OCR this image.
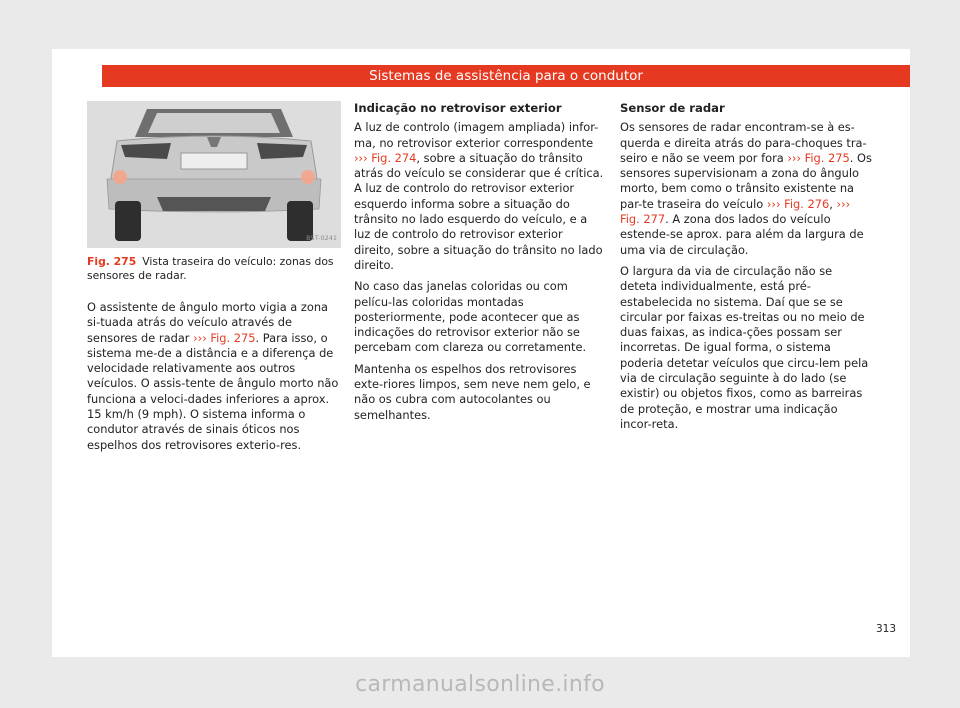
Sistemas de assistência para o condutor
B5T-0241
Fig. 275 Vista traseira do veículo: zonas dos sensores de radar.

O assistente de ângulo morto vigia a zona si-tuada atrás do veículo através de sensores de radar ››› Fig. 275. Para isso, o sistema me-de a distância e a diferença de velocidade relativamente aos outros veículos. O assis-tente de ângulo morto não funciona a veloci-dades inferiores a aprox. 15 km/h (9 mph). O sistema informa o condutor através de sinais óticos nos espelhos dos retrovisores exterio-res.

Indicação no retrovisor exterior

A luz de controlo (imagem ampliada) infor-ma, no retrovisor exterior correspondente ››› Fig. 274, sobre a situação do trânsito atrás do veículo se considerar que é crítica. A luz de controlo do retrovisor exterior esquerdo informa sobre a situação do trânsito no lado esquerdo do veículo, e a luz de controlo do retrovisor exterior direito, sobre a situação do trânsito no lado direito.

No caso das janelas coloridas ou com pelícu-las coloridas montadas posteriormente, pode acontecer que as indicações do retrovisor exterior não se percebam com clareza ou corretamente.

Mantenha os espelhos dos retrovisores exte-riores limpos, sem neve nem gelo, e não os cubra com autocolantes ou semelhantes.

Sensor de radar

Os sensores de radar encontram-se à es-querda e direita atrás do para-choques tra-seiro e não se veem por fora ››› Fig. 275. Os sensores supervisionam a zona do ângulo morto, bem como o trânsito existente na par-te traseira do veículo ››› Fig. 276, ››› Fig. 277. A zona dos lados do veículo estende-se aprox. para além da largura de uma via de circulação.

O largura da via de circulação não se deteta individualmente, está pré-estabelecida no sistema. Daí que se se circular por faixas es-treitas ou no meio de duas faixas, as indica-ções possam ser incorretas. De igual forma, o sistema poderia detetar veículos que circu-lem pela via de circulação seguinte à do lado (se existir) ou objetos fixos, como as barreiras de proteção, e mostrar uma indicação incor-reta.

313
carmanualsonline.info
